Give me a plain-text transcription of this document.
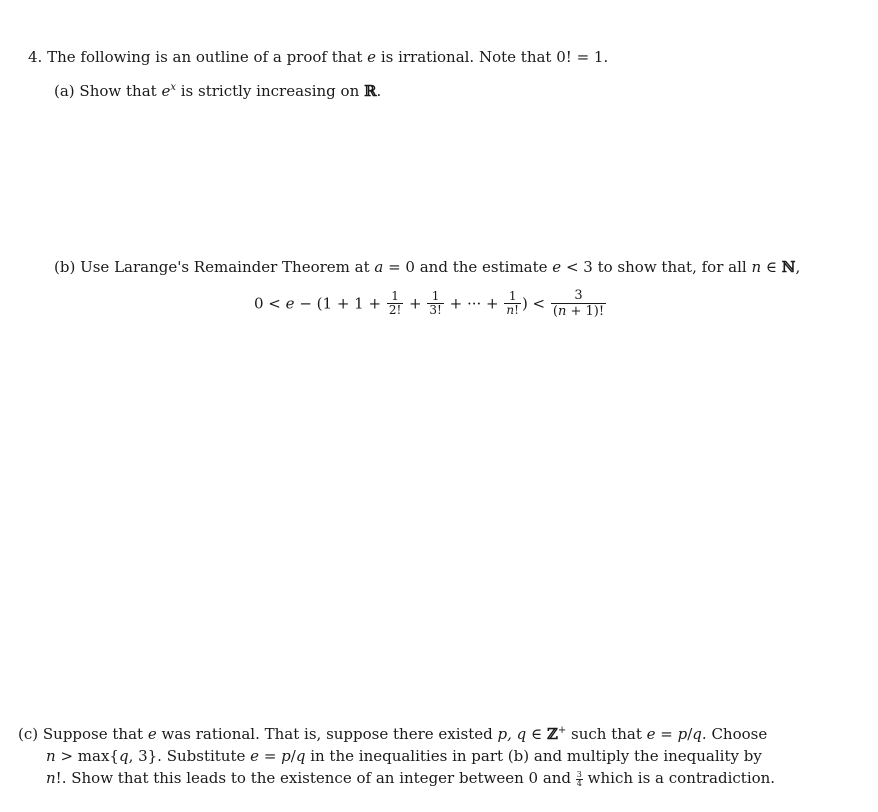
4. The following is an outline of a proof that e is irrational. Note that 0! = 1.
(a) Show that $e^x$ is strictly increasing on ℝ.
(b) Use Larange's Remainder Theorem at a = 0 and the estimate e < 3 to show that, for all n ∈ ℕ,
$0 < e - (1 + 1 + \frac{1}{2!} + \frac{1}{3!}$ + ··· + $\frac{1}{n!}$ ) < $\frac{3}{(n + 1)!}$
(c) Suppose that e was rational. That is, suppose there existed p, q ∈ ℤ+ such that e = p/q. Choose
n > max{q, 3}. Substitute e = p/q in the inequalities in part (b) and multiply the inequality by
n!. Show that this leads to the existence of an integer between 0 and $\frac{3}{4}$ which is a contradiction.
